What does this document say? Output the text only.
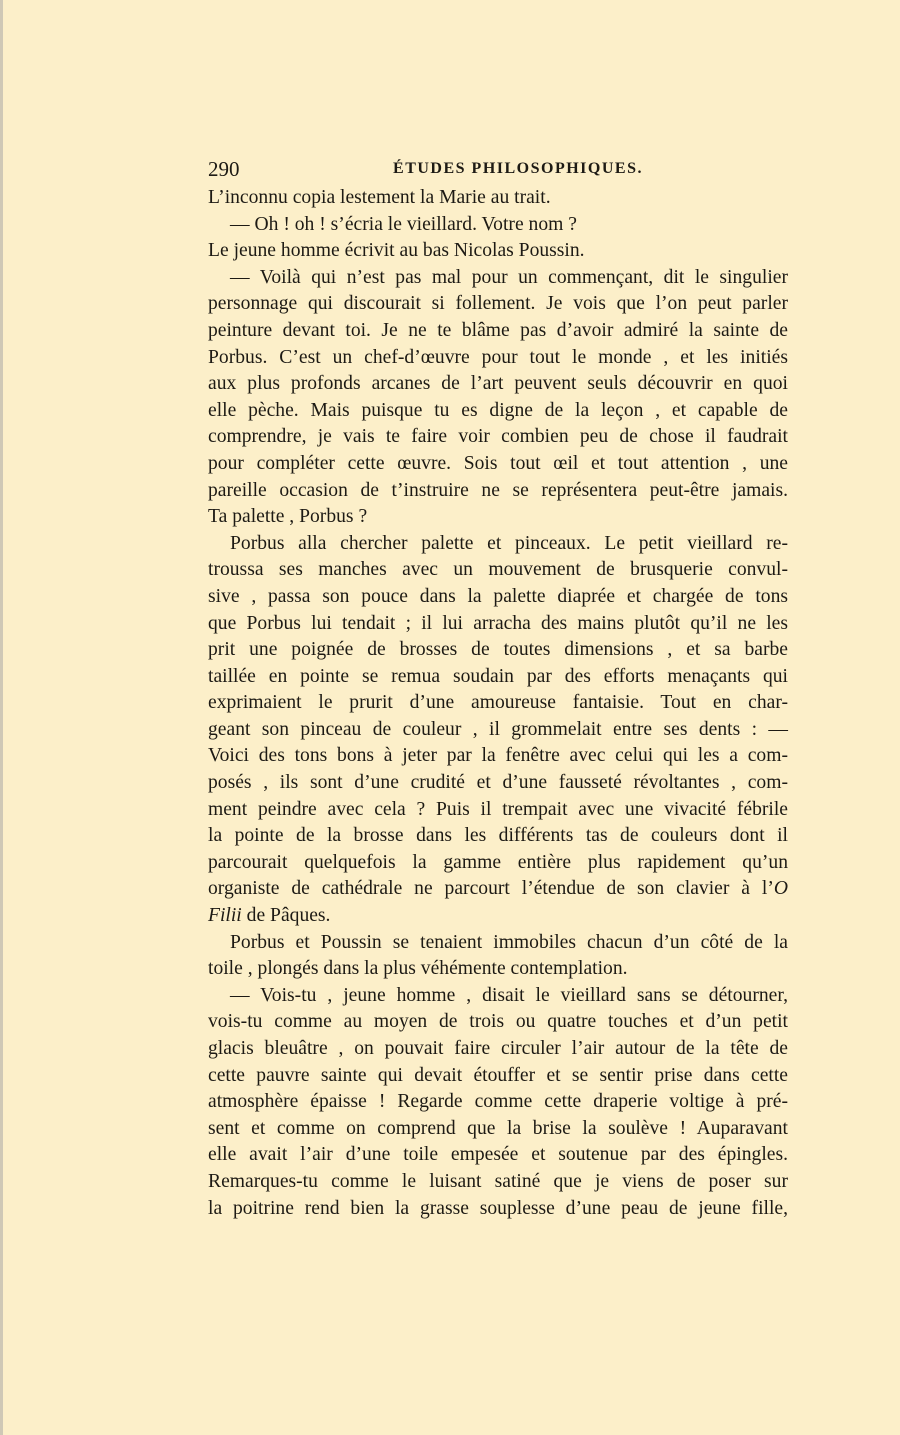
290	ÉTUDES PHILOSOPHIQUES.
L’inconnu copia lestement la Marie au trait.
— Oh ! oh ! s’écria le vieillard. Votre nom ?
Le jeune homme écrivit au bas Nicolas Poussin.
— Voilà qui n’est pas mal pour un commençant, dit le singulier
personnage qui discourait si follement. Je vois que l’on peut parler
peinture devant toi. Je ne te blâme pas d’avoir admiré la sainte de
Porbus. C’est un chef-d’œuvre pour tout le monde , et les initiés
aux plus profonds arcanes de l’art peuvent seuls découvrir en quoi
elle pèche. Mais puisque tu es digne de la leçon , et capable de
comprendre, je vais te faire voir combien peu de chose il faudrait
pour compléter cette œuvre. Sois tout œil et tout attention , une
pareille occasion de t’instruire ne se représentera peut-être jamais.
Ta palette , Porbus ?
Porbus alla chercher palette et pinceaux. Le petit vieillard re-
troussa ses manches avec un mouvement de brusquerie convul-
sive , passa son pouce dans la palette diaprée et chargée de tons
que Porbus lui tendait ; il lui arracha des mains plutôt qu’il ne les
prit une poignée de brosses de toutes dimensions , et sa barbe
taillée en pointe se remua soudain par des efforts menaçants qui
exprimaient le prurit d’une amoureuse fantaisie. Tout en char-
geant son pinceau de couleur , il grommelait entre ses dents : —
Voici des tons bons à jeter par la fenêtre avec celui qui les a com-
posés , ils sont d’une crudité et d’une fausseté révoltantes , com-
ment peindre avec cela ? Puis il trempait avec une vivacité fébrile
la pointe de la brosse dans les différents tas de couleurs dont il
parcourait quelquefois la gamme entière plus rapidement qu’un
organiste de cathédrale ne parcourt l’étendue de son clavier à l’O
Filii de Pâques.
Porbus et Poussin se tenaient immobiles chacun d’un côté de la
toile , plongés dans la plus véhémente contemplation.
— Vois-tu , jeune homme , disait le vieillard sans se détourner,
vois-tu comme au moyen de trois ou quatre touches et d’un petit
glacis bleuâtre , on pouvait faire circuler l’air autour de la tête de
cette pauvre sainte qui devait étouffer et se sentir prise dans cette
atmosphère épaisse ! Regarde comme cette draperie voltige à pré-
sent et comme on comprend que la brise la soulève ! Auparavant
elle avait l’air d’une toile empesée et soutenue par des épingles.
Remarques-tu comme le luisant satiné que je viens de poser sur
la poitrine rend bien la grasse souplesse d’une peau de jeune fille,
